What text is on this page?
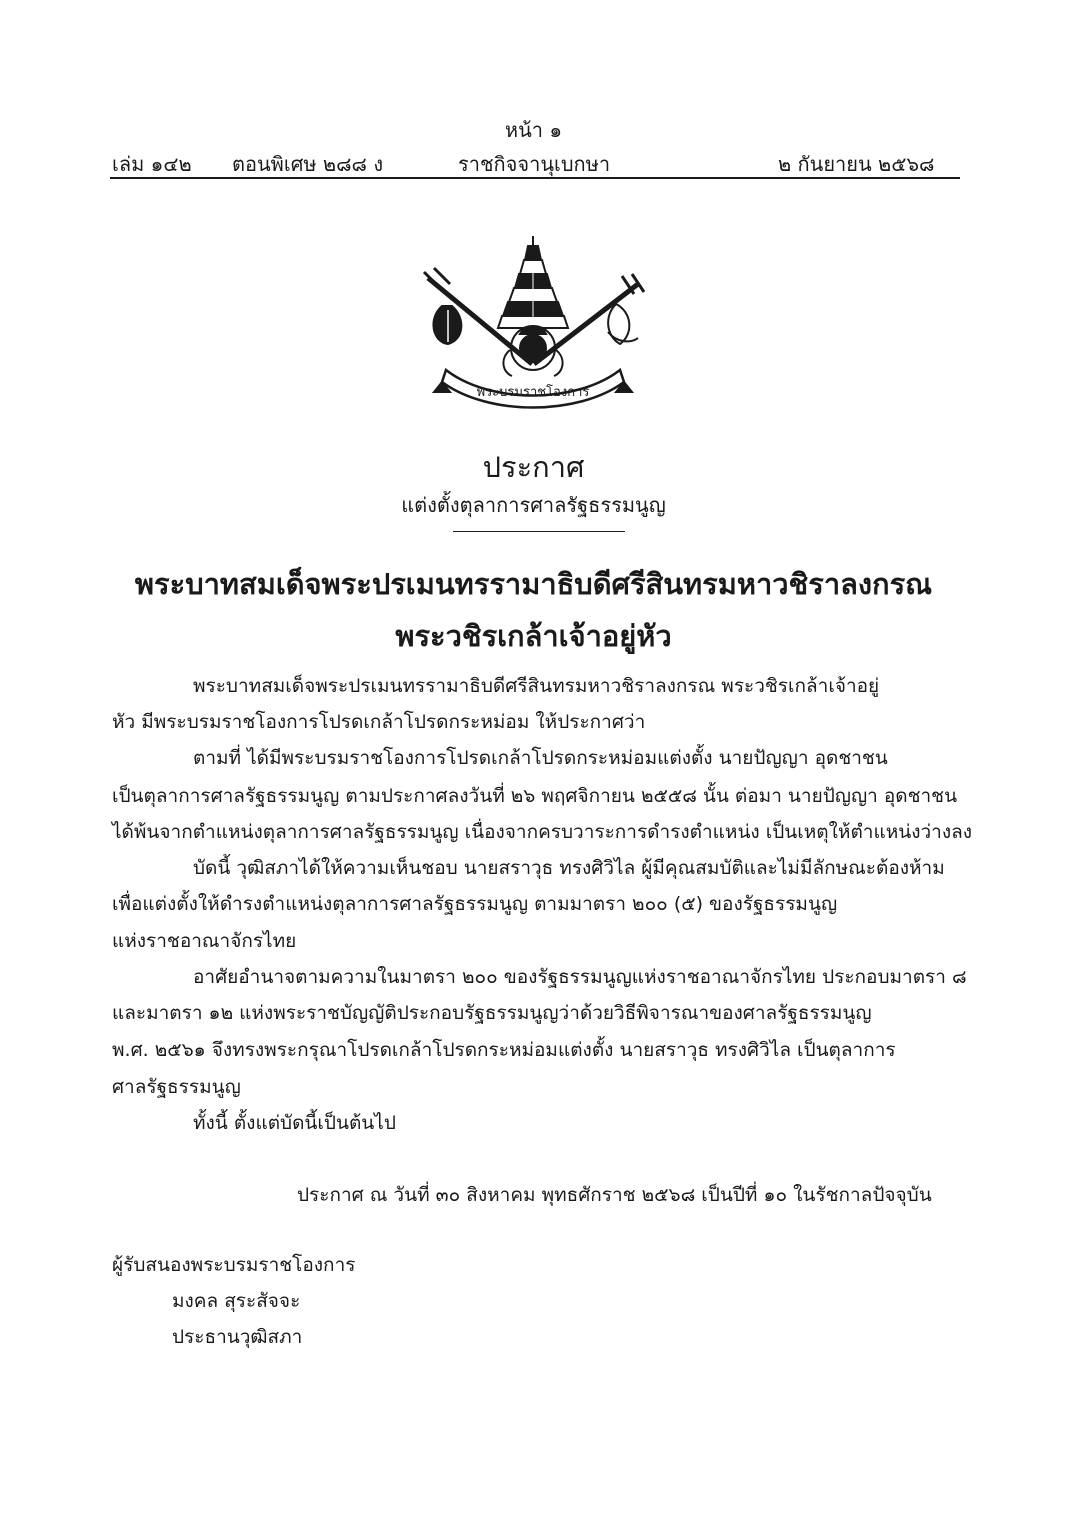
หน้า ๑
เล่ม ๑๔๒ ตอนพิเศษ ๒๘๘ ง	ราชกิจจานุเบกษา	๒ กันยายน ๒๕๖๘
พระบรมราชโองการ
ประกาศ
แต่งตั้งตุลาการศาลรัฐธรรมนูญ
พระบาทสมเด็จพระปรเมนทรรามาธิบดีศรีสินทรมหาวชิราลงกรณ
พระวชิรเกล้าเจ้าอยู่หัว
พระบาทสมเด็จพระปรเมนทรรามาธิบดีศรีสินทรมหาวชิราลงกรณ พระวชิรเกล้าเจ้าอยู่
หัว มีพระบรมราชโองการโปรดเกล้าโปรดกระหม่อม ให้ประกาศว่า
ตามที่ ได้มีพระบรมราชโองการโปรดเกล้าโปรดกระหม่อมแต่งตั้ง นายปัญญา อุดชาชน
เป็นตุลาการศาลรัฐธรรมนูญ ตามประกาศลงวันที่ ๒๖ พฤศจิกายน ๒๕๕๘ นั้น ต่อมา นายปัญญา อุดชาชน
ได้พ้นจากตำแหน่งตุลาการศาลรัฐธรรมนูญ เนื่องจากครบวาระการดำรงตำแหน่ง เป็นเหตุให้ตำแหน่งว่างลง
บัดนี้ วุฒิสภาได้ให้ความเห็นชอบ นายสราวุธ ทรงศิวิไล ผู้มีคุณสมบัติและไม่มีลักษณะต้องห้าม
เพื่อแต่งตั้งให้ดำรงตำแหน่งตุลาการศาลรัฐธรรมนูญ ตามมาตรา ๒๐๐ (๕) ของรัฐธรรมนูญ
แห่งราชอาณาจักรไทย
อาศัยอำนาจตามความในมาตรา ๒๐๐ ของรัฐธรรมนูญแห่งราชอาณาจักรไทย ประกอบมาตรา ๘
และมาตรา ๑๒ แห่งพระราชบัญญัติประกอบรัฐธรรมนูญว่าด้วยวิธีพิจารณาของศาลรัฐธรรมนูญ
พ.ศ. ๒๕๖๑ จึงทรงพระกรุณาโปรดเกล้าโปรดกระหม่อมแต่งตั้ง นายสราวุธ ทรงศิวิไล เป็นตุลาการ
ศาลรัฐธรรมนูญ
ทั้งนี้ ตั้งแต่บัดนี้เป็นต้นไป
ประกาศ ณ วันที่ ๓๐ สิงหาคม พุทธศักราช ๒๕๖๘ เป็นปีที่ ๑๐ ในรัชกาลปัจจุบัน
ผู้รับสนองพระบรมราชโองการ
มงคล สุระสัจจะ
ประธานวุฒิสภา
